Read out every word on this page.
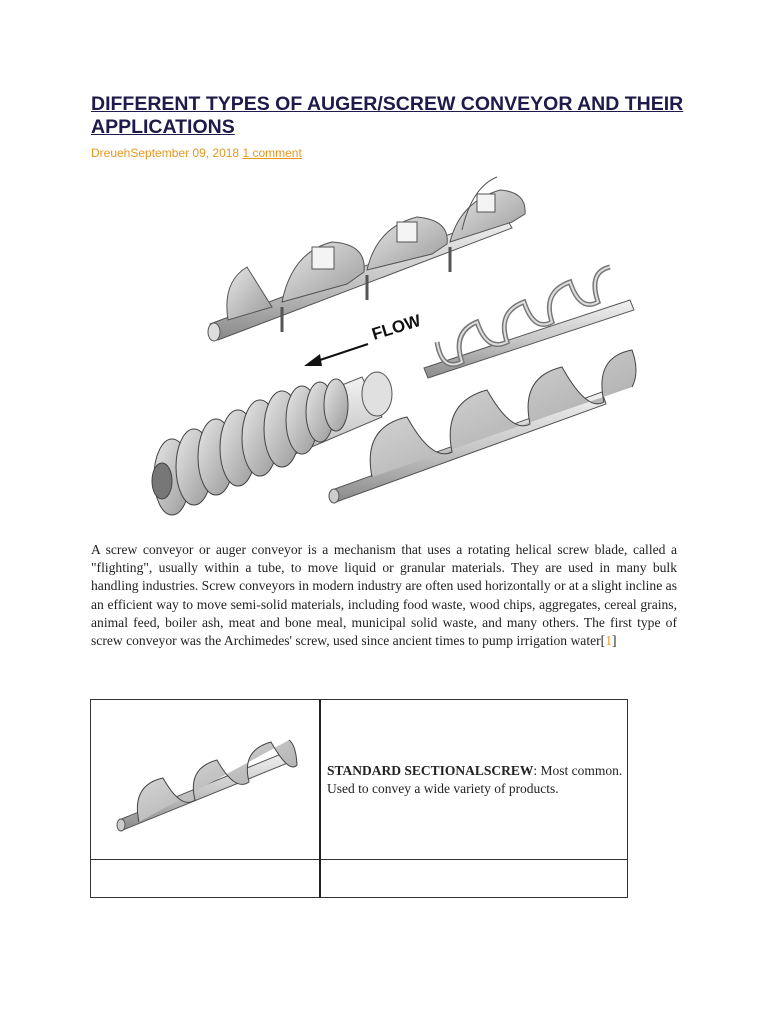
DIFFERENT TYPES OF AUGER/SCREW CONVEYOR AND THEIR APPLICATIONS
DreuehSeptember 09, 2018 1 comment
FLOW

A screw conveyor or auger conveyor is a mechanism that uses a rotating helical screw blade, called a "flighting", usually within a tube, to move liquid or granular materials. They are used in many bulk handling industries. Screw conveyors in modern industry are often used horizontally or at a slight incline as an efficient way to move semi-solid materials, including food waste, wood chips, aggregates, cereal grains, animal feed, boiler ash, meat and bone meal, municipal solid waste, and many others. The first type of screw conveyor was the Archimedes' screw, used since ancient times to pump irrigation water[1]

	STANDARD SECTIONALSCREW: Most common. Used to convey a wide variety of products.
